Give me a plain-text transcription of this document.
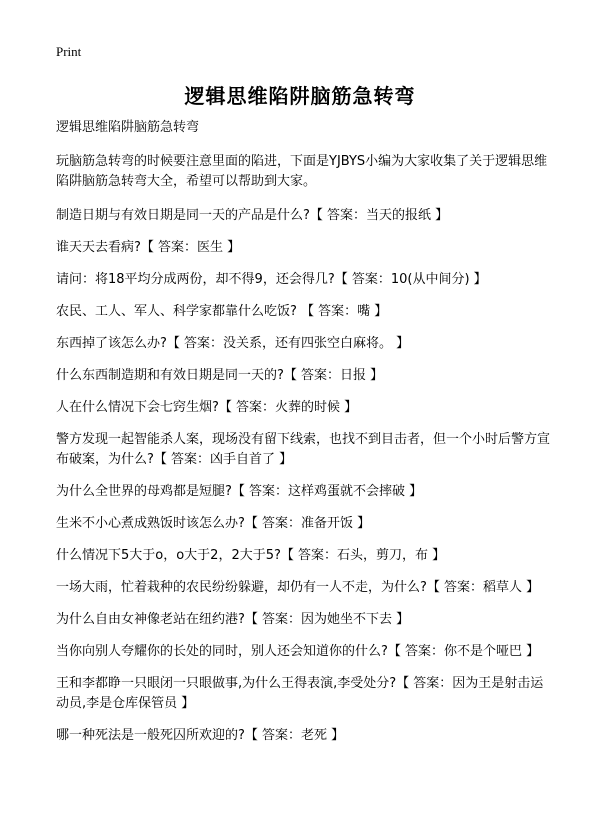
Print
逻辑思维陷阱脑筋急转弯

逻辑思维陷阱脑筋急转弯

玩脑筋急转弯的时候要注意里面的陷进，下面是YJBYS小编为大家收集了关于逻辑思维陷阱脑筋急转弯大全，希望可以帮助到大家。

制造日期与有效日期是同一天的产品是什么?【 答案：当天的报纸 】
谁天天去看病?【 答案：医生 】
请问：将18平均分成两份，却不得9，还会得几?【 答案：10(从中间分) 】
农民、工人、军人、科学家都靠什么吃饭? 【 答案：嘴 】
东西掉了该怎么办?【 答案：没关系，还有四张空白麻将。 】
什么东西制造期和有效日期是同一天的?【 答案：日报 】
人在什么情况下会七窍生烟?【 答案：火葬的时候 】
警方发现一起智能杀人案，现场没有留下线索，也找不到目击者，但一个小时后警方宣布破案，为什么?【 答案：凶手自首了 】
为什么全世界的母鸡都是短腿?【 答案：这样鸡蛋就不会摔破 】
生米不小心煮成熟饭时该怎么办?【 答案：准备开饭 】
什么情况下5大于o，o大于2，2大于5?【 答案：石头，剪刀，布 】
一场大雨，忙着栽种的农民纷纷躲避，却仍有一人不走，为什么?【 答案：稻草人 】
为什么自由女神像老站在纽约港?【 答案：因为她坐不下去 】
当你向别人夸耀你的长处的同时，别人还会知道你的什么?【 答案：你不是个哑巴 】
王和李都睁一只眼闭一只眼做事,为什么王得表演,李受处分?【 答案：因为王是射击运动员,李是仓库保管员 】
哪一种死法是一般死囚所欢迎的?【 答案：老死 】
